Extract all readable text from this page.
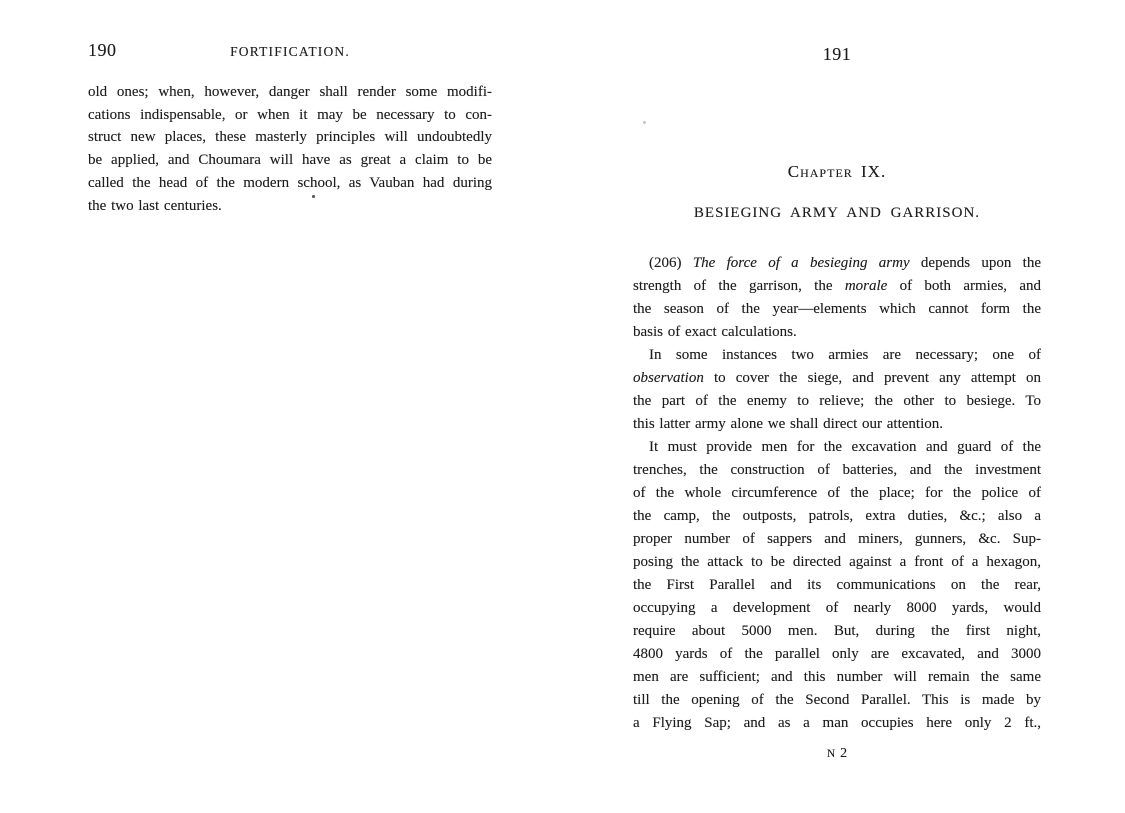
190	FORTIFICATION.
old ones; when, however, danger shall render some modifi-
cations indispensable, or when it may be necessary to con-
struct new places, these masterly principles will undoubtedly
be applied, and Choumara will have as great a claim to be
called the head of the modern school, as Vauban had during
the two last centuries.
191
Chapter IX.
BESIEGING ARMY AND GARRISON.
(206) The force of a besieging army depends upon the
strength of the garrison, the morale of both armies, and
the season of the year—elements which cannot form the
basis of exact calculations.
In some instances two armies are necessary; one of
observation to cover the siege, and prevent any attempt on
the part of the enemy to relieve; the other to besiege. To
this latter army alone we shall direct our attention.
It must provide men for the excavation and guard of the
trenches, the construction of batteries, and the investment
of the whole circumference of the place; for the police of
the camp, the outposts, patrols, extra duties, &c.; also a
proper number of sappers and miners, gunners, &c. Sup-
posing the attack to be directed against a front of a hexagon,
the First Parallel and its communications on the rear,
occupying a development of nearly 8000 yards, would
require about 5000 men. But, during the first night,
4800 yards of the parallel only are excavated, and 3000
men are sufficient; and this number will remain the same
till the opening of the Second Parallel. This is made by
a Flying Sap; and as a man occupies here only 2 ft.,
N 2
